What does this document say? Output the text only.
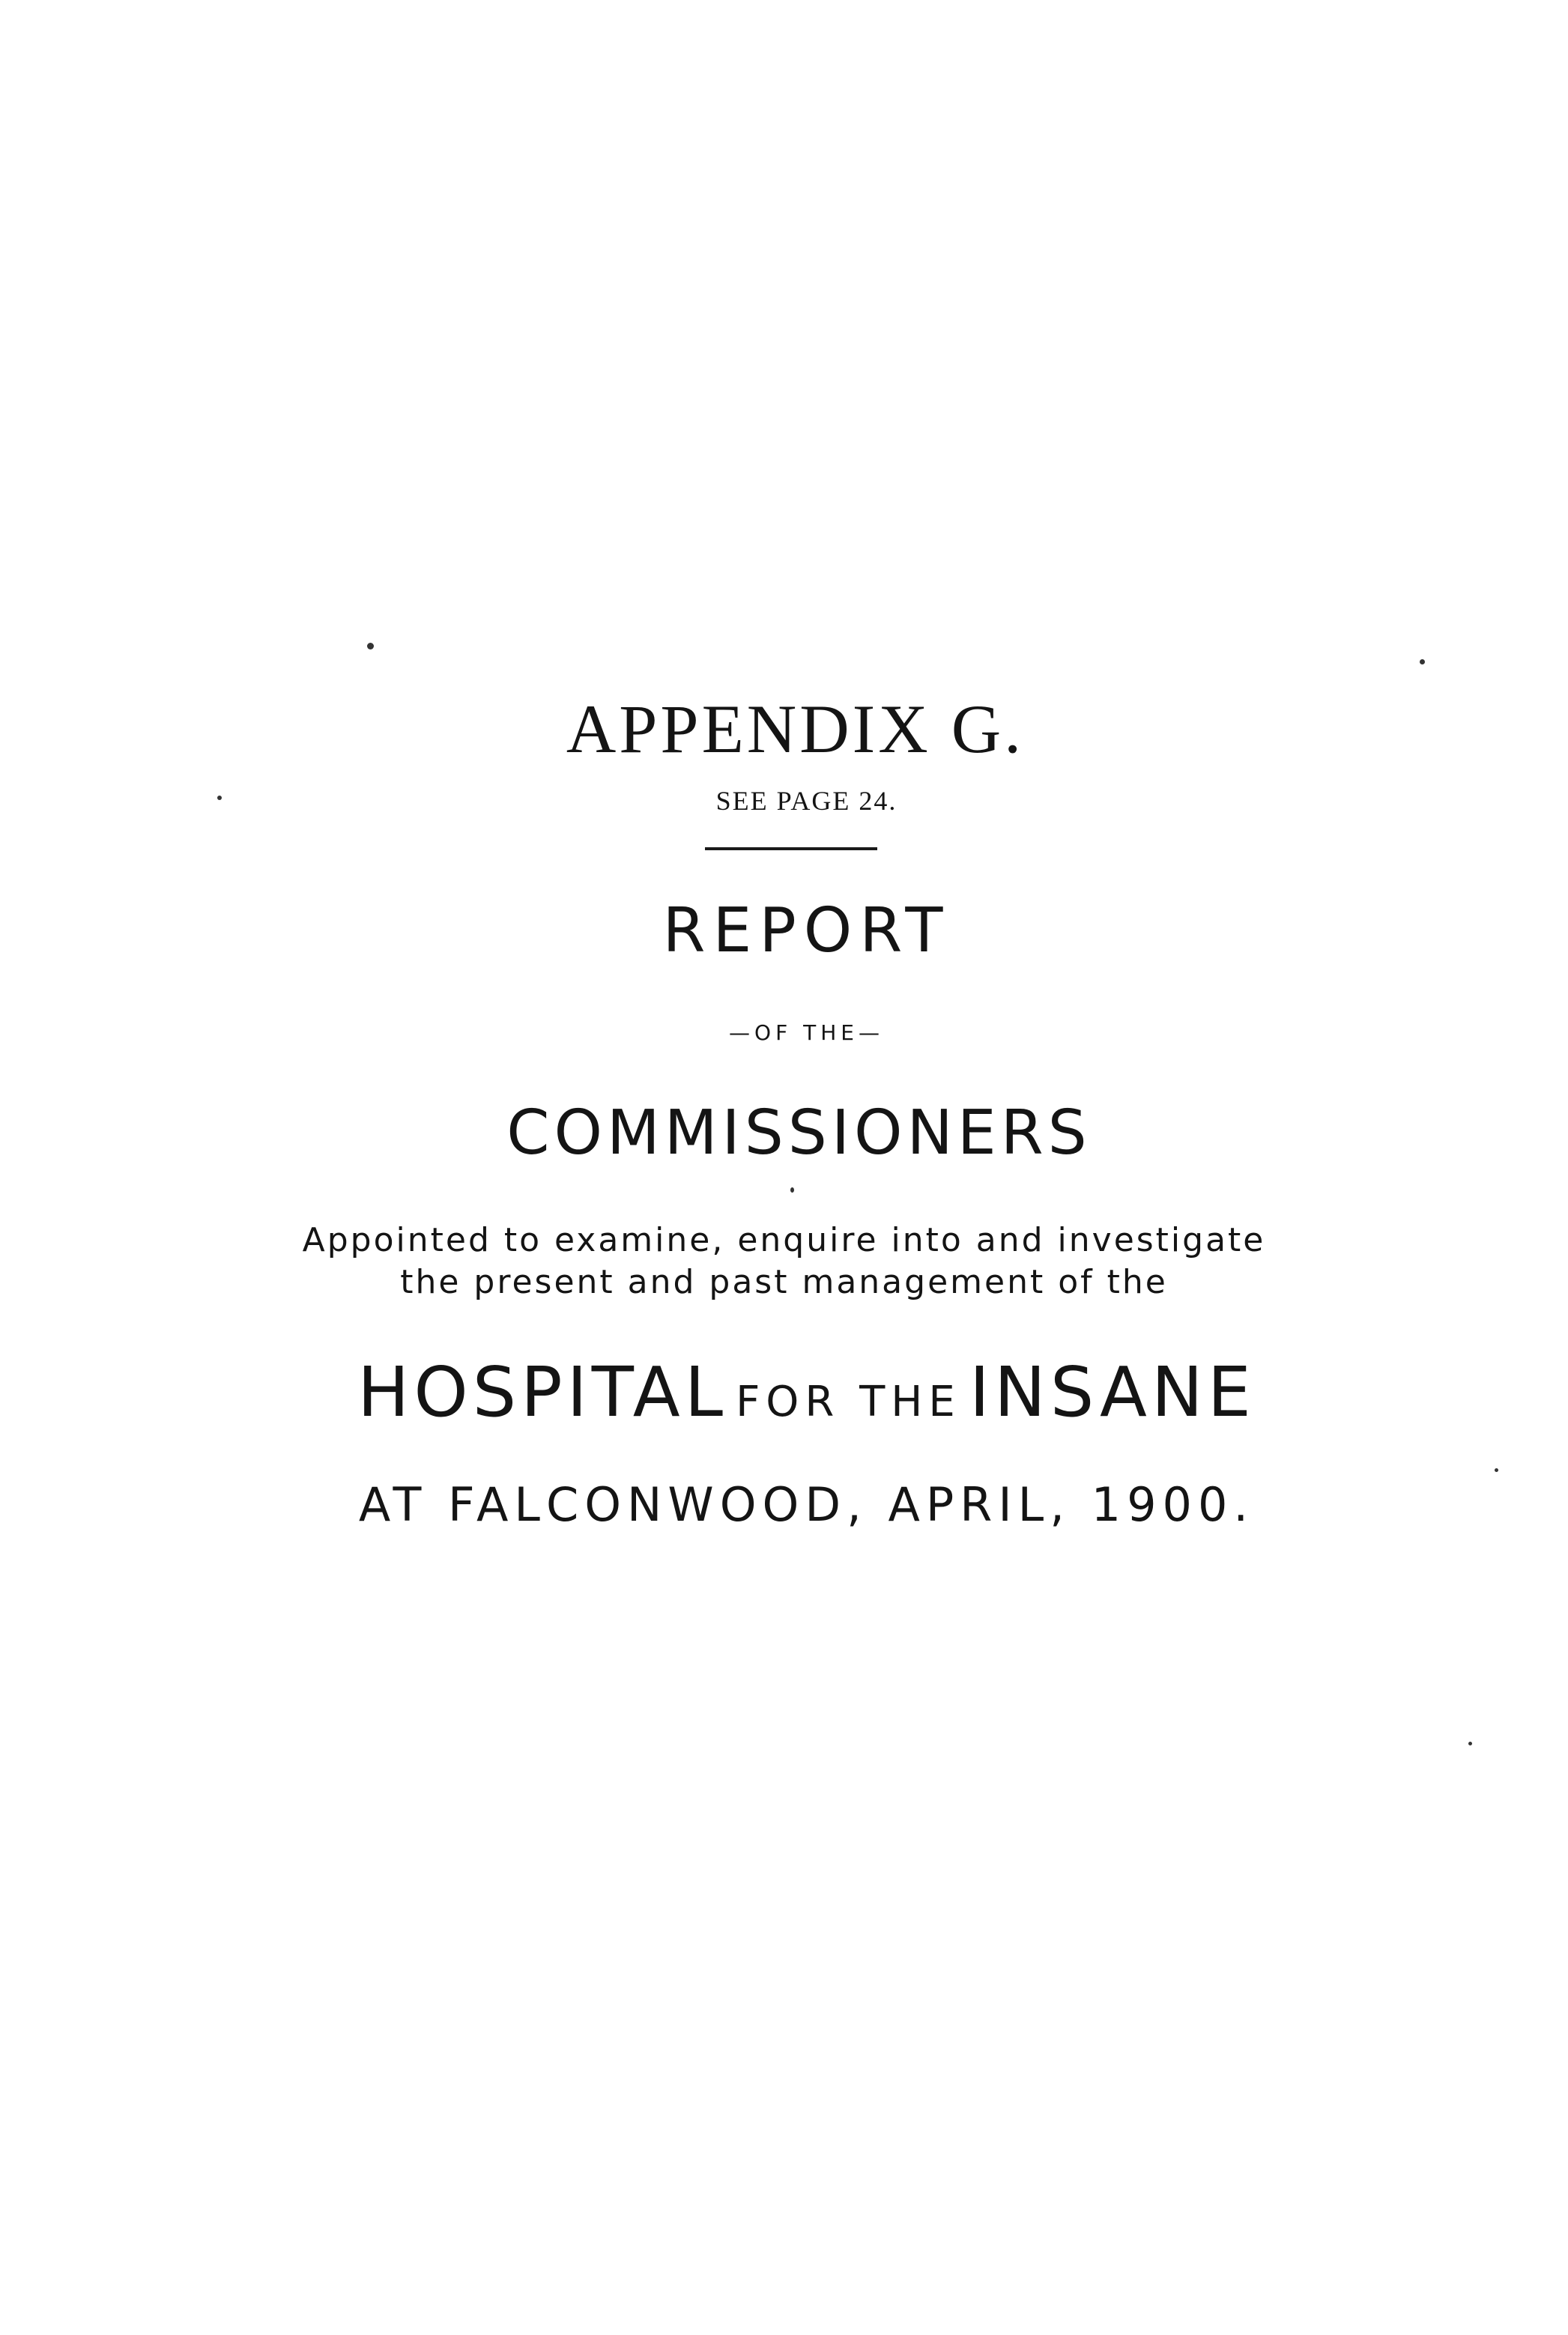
APPENDIX G.
SEE PAGE 24.
REPORT
—OF THE—
COMMISSIONERS
Appointed to examine, enquire into and investigate
the present and past management of the
HOSPITAL FOR THE INSANE
AT FALCONWOOD, APRIL, 1900.
